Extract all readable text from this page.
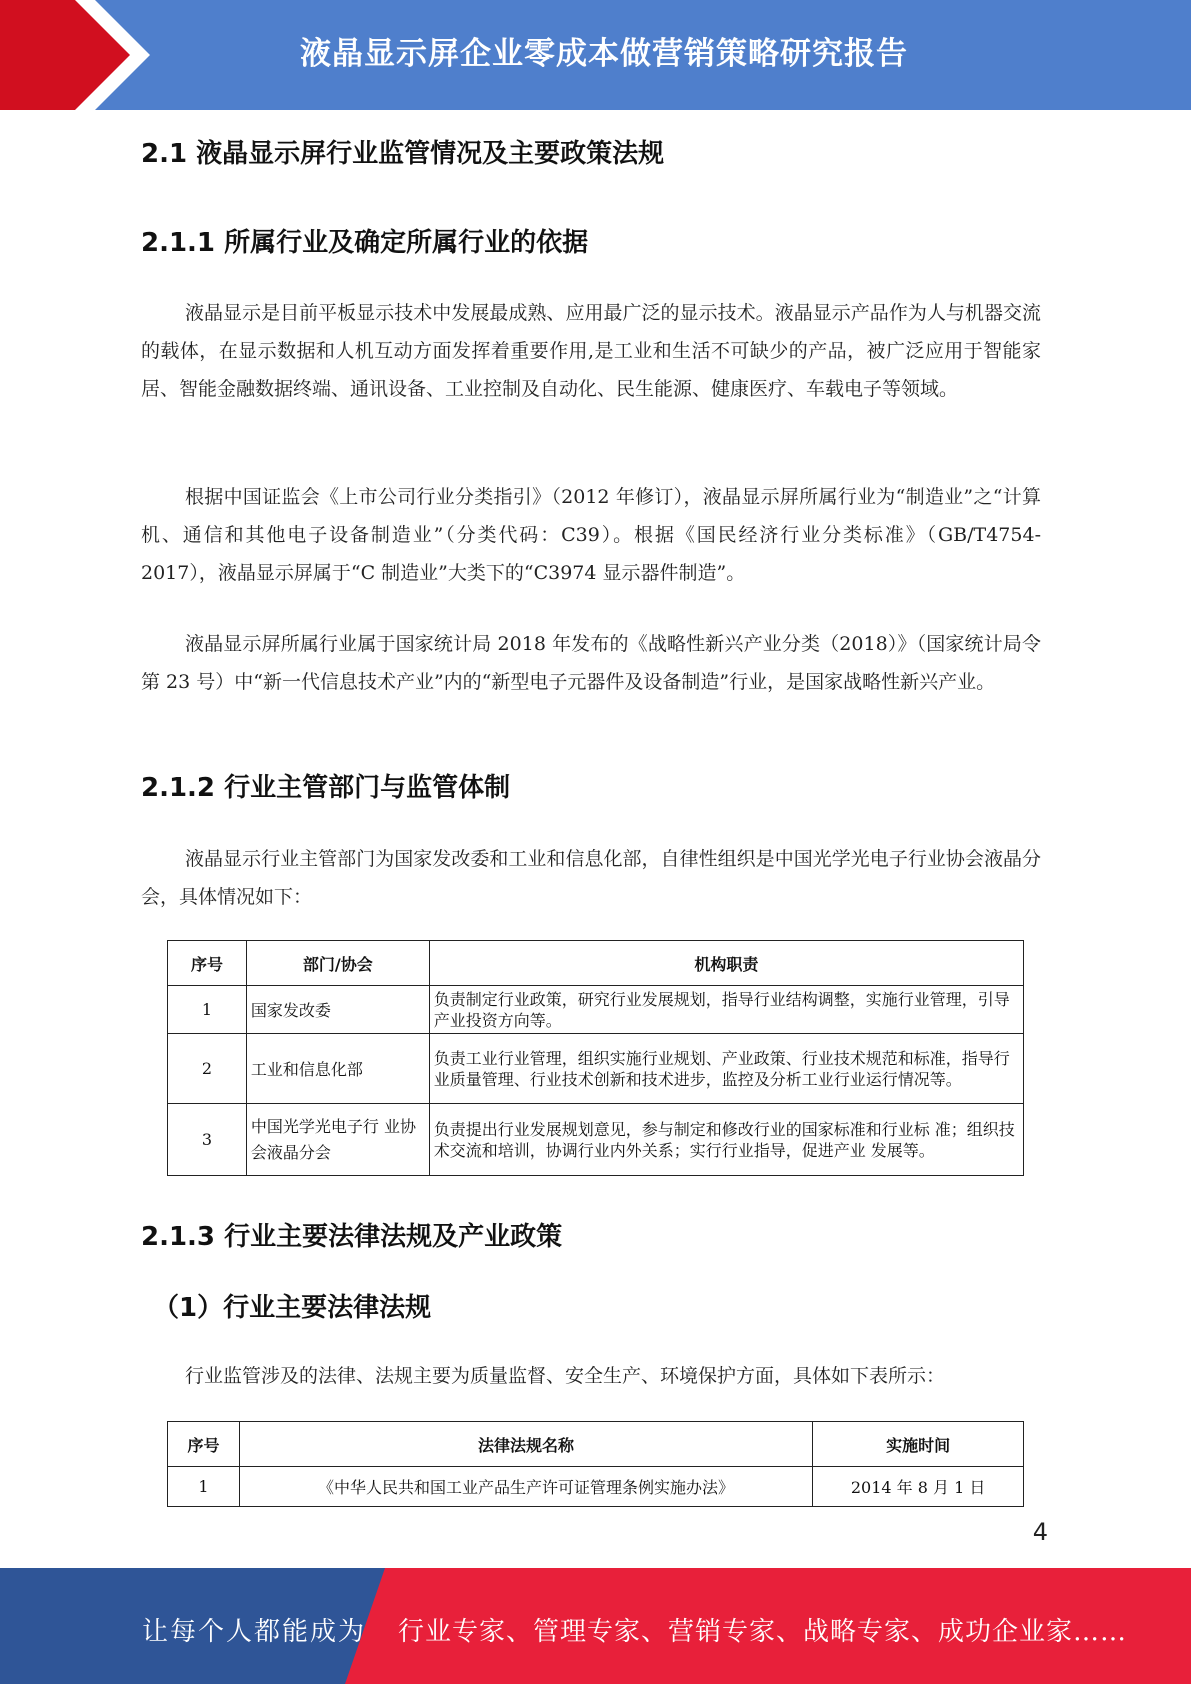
液晶显示屏企业零成本做营销策略研究报告
2.1 液晶显示屏行业监管情况及主要政策法规
2.1.1 所属行业及确定所属行业的依据
液晶显示是目前平板显示技术中发展最成熟、应用最广泛的显示技术。液晶显示产品作为人与机器交流的载体，在显示数据和人机互动方面发挥着重要作用,是工业和生活不可缺少的产品，被广泛应用于智能家居、智能金融数据终端、通讯设备、工业控制及自动化、民生能源、健康医疗、车载电子等领域。
根据中国证监会《上市公司行业分类指引》（2012 年修订），液晶显示屏所属行业为“制造业”之“计算机、通信和其他电子设备制造业”（分类代码：C39）。根据《国民经济行业分类标准》（GB/T4754-2017），液晶显示屏属于“C 制造业”大类下的“C3974 显示器件制造”。
液晶显示屏所属行业属于国家统计局 2018 年发布的《战略性新兴产业分类（2018）》（国家统计局令第 23 号）中“新一代信息技术产业”内的“新型电子元器件及设备制造”行业，是国家战略性新兴产业。
2.1.2 行业主管部门与监管体制
液晶显示行业主管部门为国家发改委和工业和信息化部，自律性组织是中国光学光电子行业协会液晶分会，具体情况如下：
序号	部门/协会	机构职责
1	国家发改委	负责制定行业政策，研究行业发展规划，指导行业结构调整，实施行业管理，引导产业投资方向等。
2	工业和信息化部	负责工业行业管理，组织实施行业规划、产业政策、行业技术规范和标准，指导行业质量管理、行业技术创新和技术进步，监控及分析工业行业运行情况等。
3	中国光学光电子行 业协会液晶分会	负责提出行业发展规划意见，参与制定和修改行业的国家标准和行业标 准；组织技术交流和培训，协调行业内外关系；实行行业指导，促进产业 发展等。
2.1.3 行业主要法律法规及产业政策
（1）行业主要法律法规
行业监管涉及的法律、法规主要为质量监督、安全生产、环境保护方面，具体如下表所示：
序号	法律法规名称	实施时间
1	《中华人民共和国工业产品生产许可证管理条例实施办法》	2014 年 8 月 1 日
4
让每个人都能成为 行业专家、管理专家、营销专家、战略专家、成功企业家……
